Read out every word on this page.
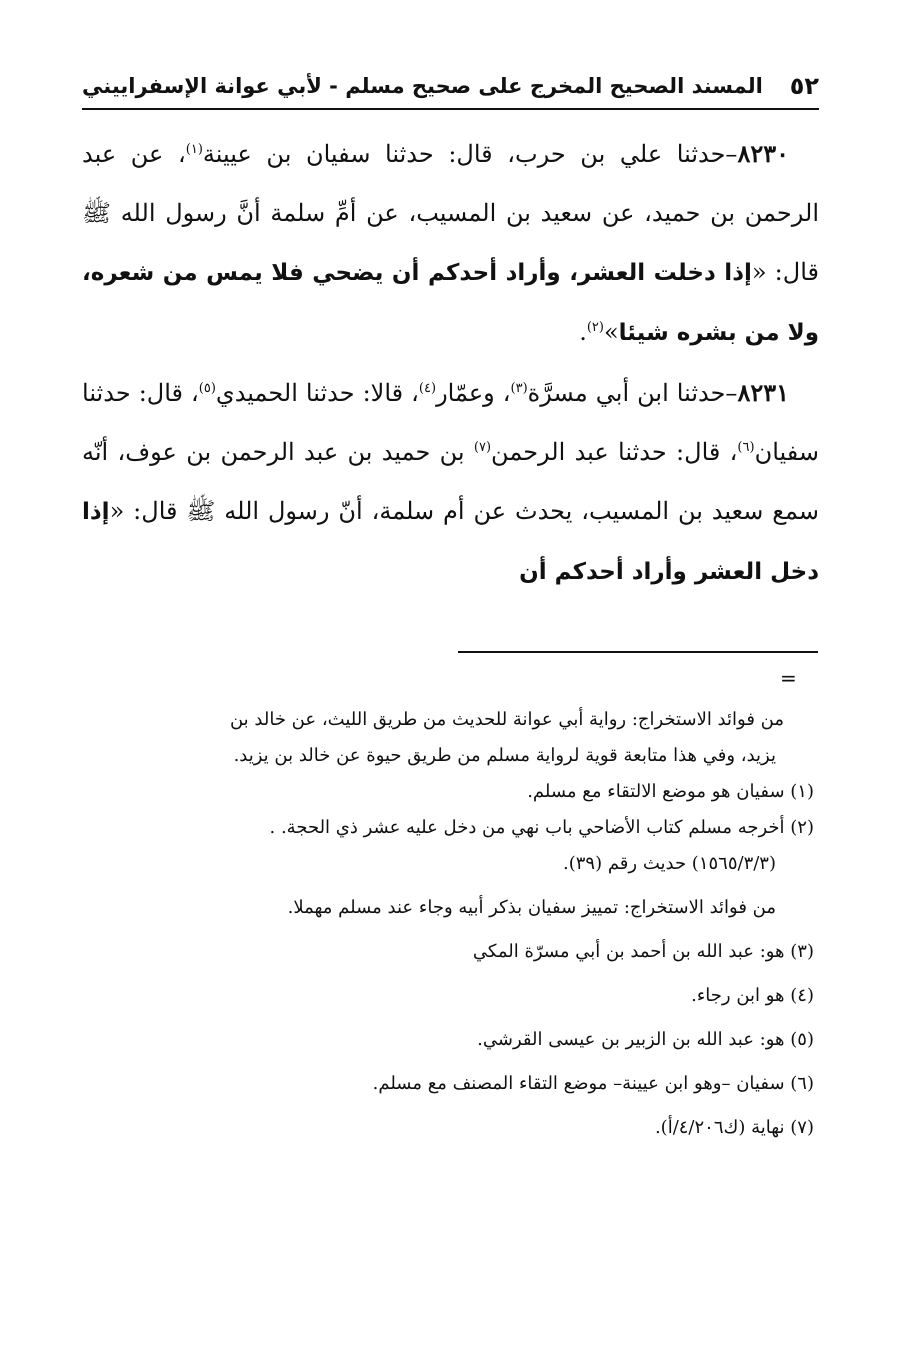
٥٢
المسند الصحيح المخرج على صحيح مسلم - لأبي عوانة الإسفراييني

٨٢٣٠–حدثنا علي بن حرب، قال: حدثنا سفيان بن عيينة$^{(١)}$، عن عبد الرحمن بن حميد، عن سعيد بن المسيب، عن أمِّ سلمة أنَّ رسول الله ﷺ قال: «إذا دخلت العشر، وأراد أحدكم أن يضحي فلا يمس من شعره، ولا من بشره شيئا»$^{(٢)}$.

٨٢٣١–حدثنا ابن أبي مسرَّة$^{(٣)}$، وعمّار$^{(٤)}$، قالا: حدثنا الحميدي$^{(٥)}$، قال: حدثنا سفيان$^{(٦)}$، قال: حدثنا عبد الرحمن$^{(٧)}$ بن حميد بن عبد الرحمن بن عوف، أنّه سمع سعيد بن المسيب، يحدث عن أم سلمة، أنّ رسول الله ﷺ قال: «إذا دخل العشر وأراد أحدكم أن

=

من فوائد الاستخراج: رواية أبي عوانة للحديث من طريق الليث، عن خالد بن

يزيد، وفي هذا متابعة قوية لرواية مسلم من طريق حيوة عن خالد بن يزيد.

(١) سفيان هو موضع الالتقاء مع مسلم.

(٢) أخرجه مسلم كتاب الأضاحي باب نهي من دخل عليه عشر ذي الحجة. .

(١٥٦٥/٣/٣) حديث رقم (٣٩).

من فوائد الاستخراج: تمييز سفيان بذكر أبيه وجاء عند مسلم مهملا.

(٣) هو: عبد الله بن أحمد بن أبي مسرّة المكي

(٤) هو ابن رجاء.

(٥) هو: عبد الله بن الزبير بن عيسى القرشي.

(٦) سفيان –وهو ابن عيينة– موضع التقاء المصنف مع مسلم.

(٧) نهاية (ك٤/٢٠٦/أ).
